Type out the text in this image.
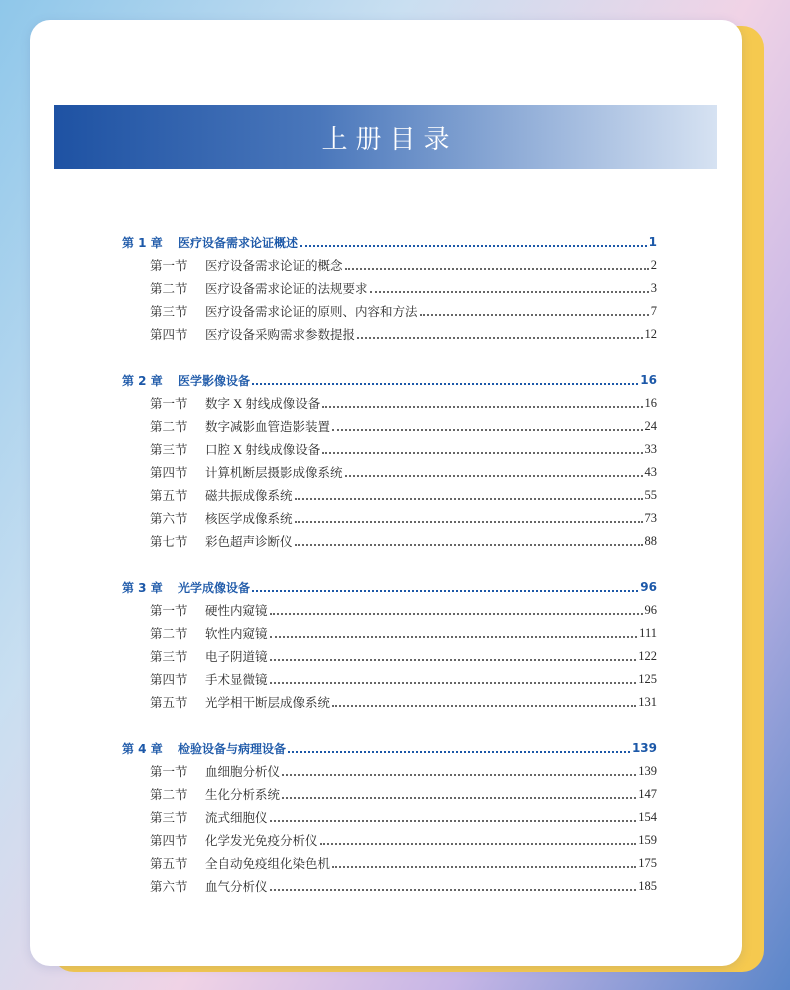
上册目录
第 1 章	医疗设备需求论证概述	1
第一节	医疗设备需求论证的概念	2
第二节	医疗设备需求论证的法规要求	3
第三节	医疗设备需求论证的原则、内容和方法	7
第四节	医疗设备采购需求参数提报	12
第 2 章	医学影像设备	16
第一节	数字 X 射线成像设备	16
第二节	数字减影血管造影装置	24
第三节	口腔 X 射线成像设备	33
第四节	计算机断层摄影成像系统	43
第五节	磁共振成像系统	55
第六节	核医学成像系统	73
第七节	彩色超声诊断仪	88
第 3 章	光学成像设备	96
第一节	硬性内窥镜	96
第二节	软性内窥镜	111
第三节	电子阴道镜	122
第四节	手术显微镜	125
第五节	光学相干断层成像系统	131
第 4 章	检验设备与病理设备	139
第一节	血细胞分析仪	139
第二节	生化分析系统	147
第三节	流式细胞仪	154
第四节	化学发光免疫分析仪	159
第五节	全自动免疫组化染色机	175
第六节	血气分析仪	185
